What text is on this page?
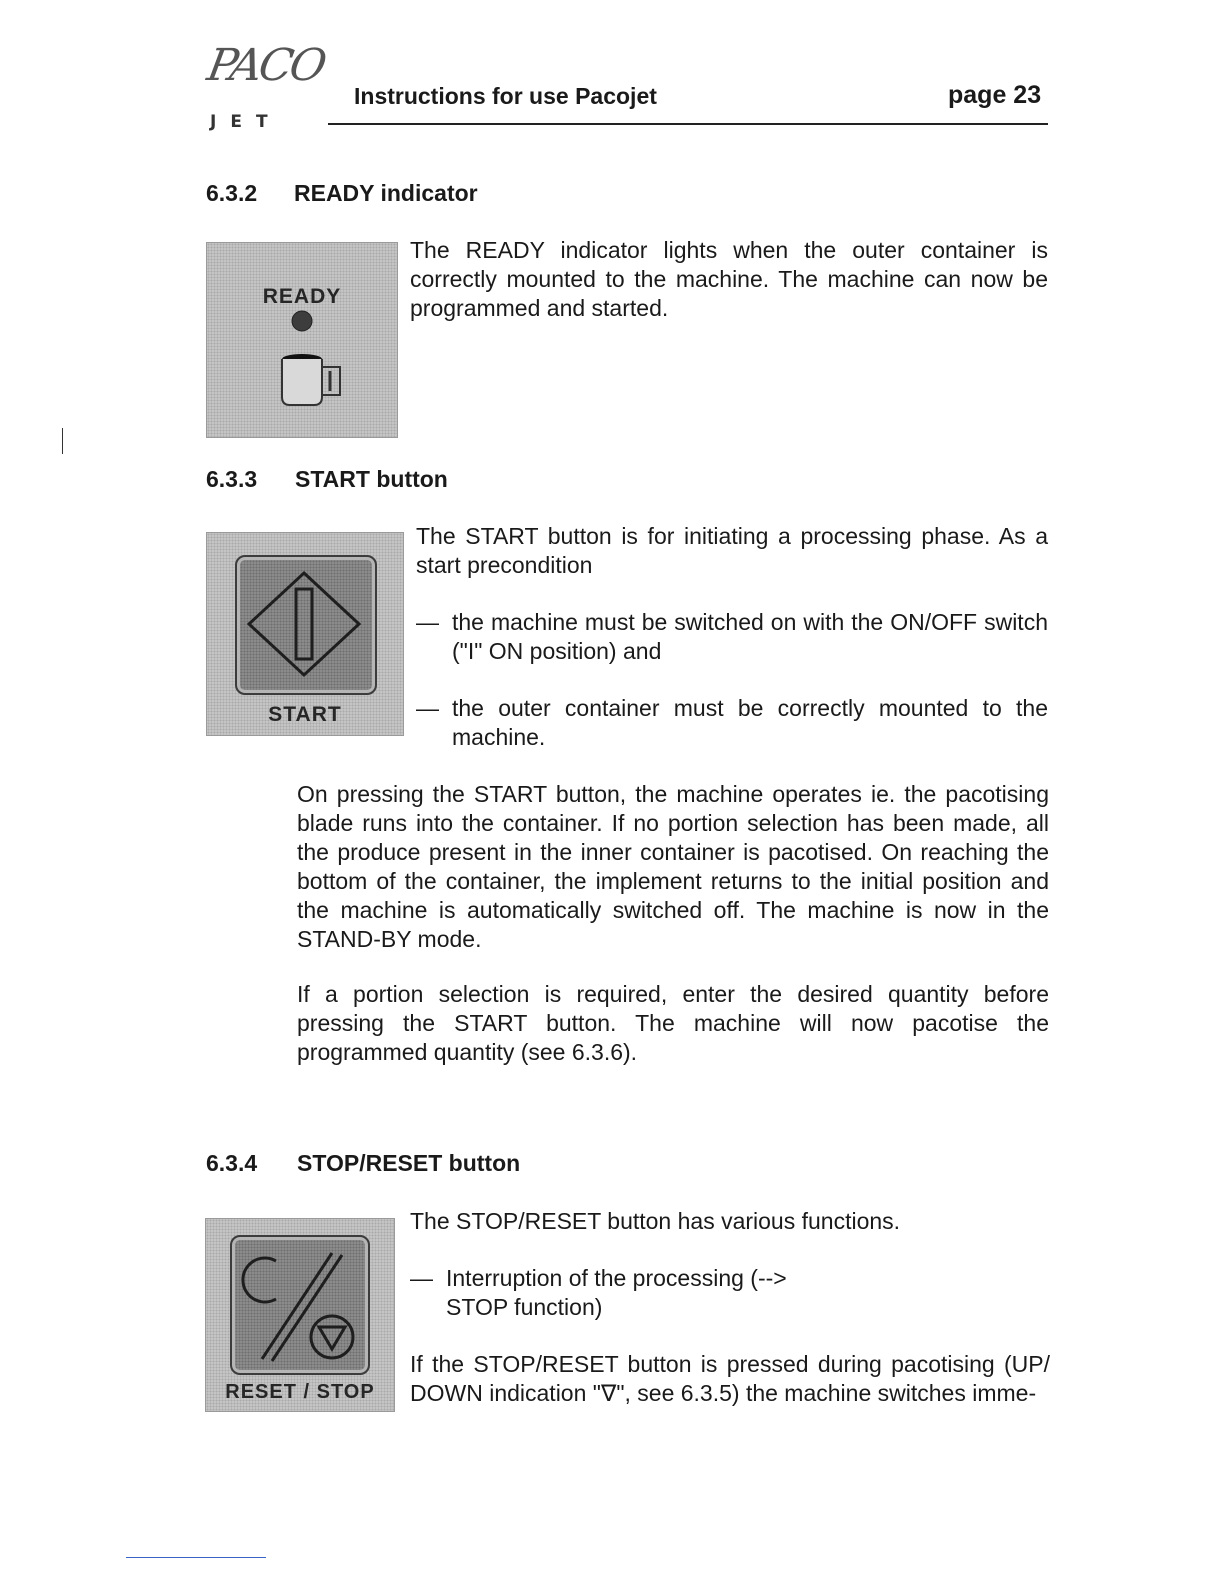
PACO
JET
Instructions for use Pacojet	page 23
6.3.2 READY indicator
READY
The READY indicator lights when the outer container is correctly mounted to the machine. The machine can now be programmed and started.
6.3.3 START button
START
The START button is for initiating a processing phase. As a start precondition
— the machine must be switched on with the ON/OFF switch ("I" ON position) and
— the outer container must be correctly mounted to the machine.
On pressing the START button, the machine operates ie. the pacotising blade runs into the container. If no portion selection has been made, all the produce present in the inner container is pacotised. On reaching the bottom of the container, the implement returns to the initial position and the machine is automatically switched off. The machine is now in the STAND-BY mode.
If a portion selection is required, enter the desired quantity before pressing the START button. The machine will now pacotise the programmed quantity (see 6.3.6).
6.3.4 STOP/RESET button
RESET / STOP
The STOP/RESET button has various functions.
— Interruption of the processing (--> STOP function)
If the STOP/RESET button is pressed during pacotising (UP/ DOWN indication "∇", see 6.3.5) the machine switches imme-
